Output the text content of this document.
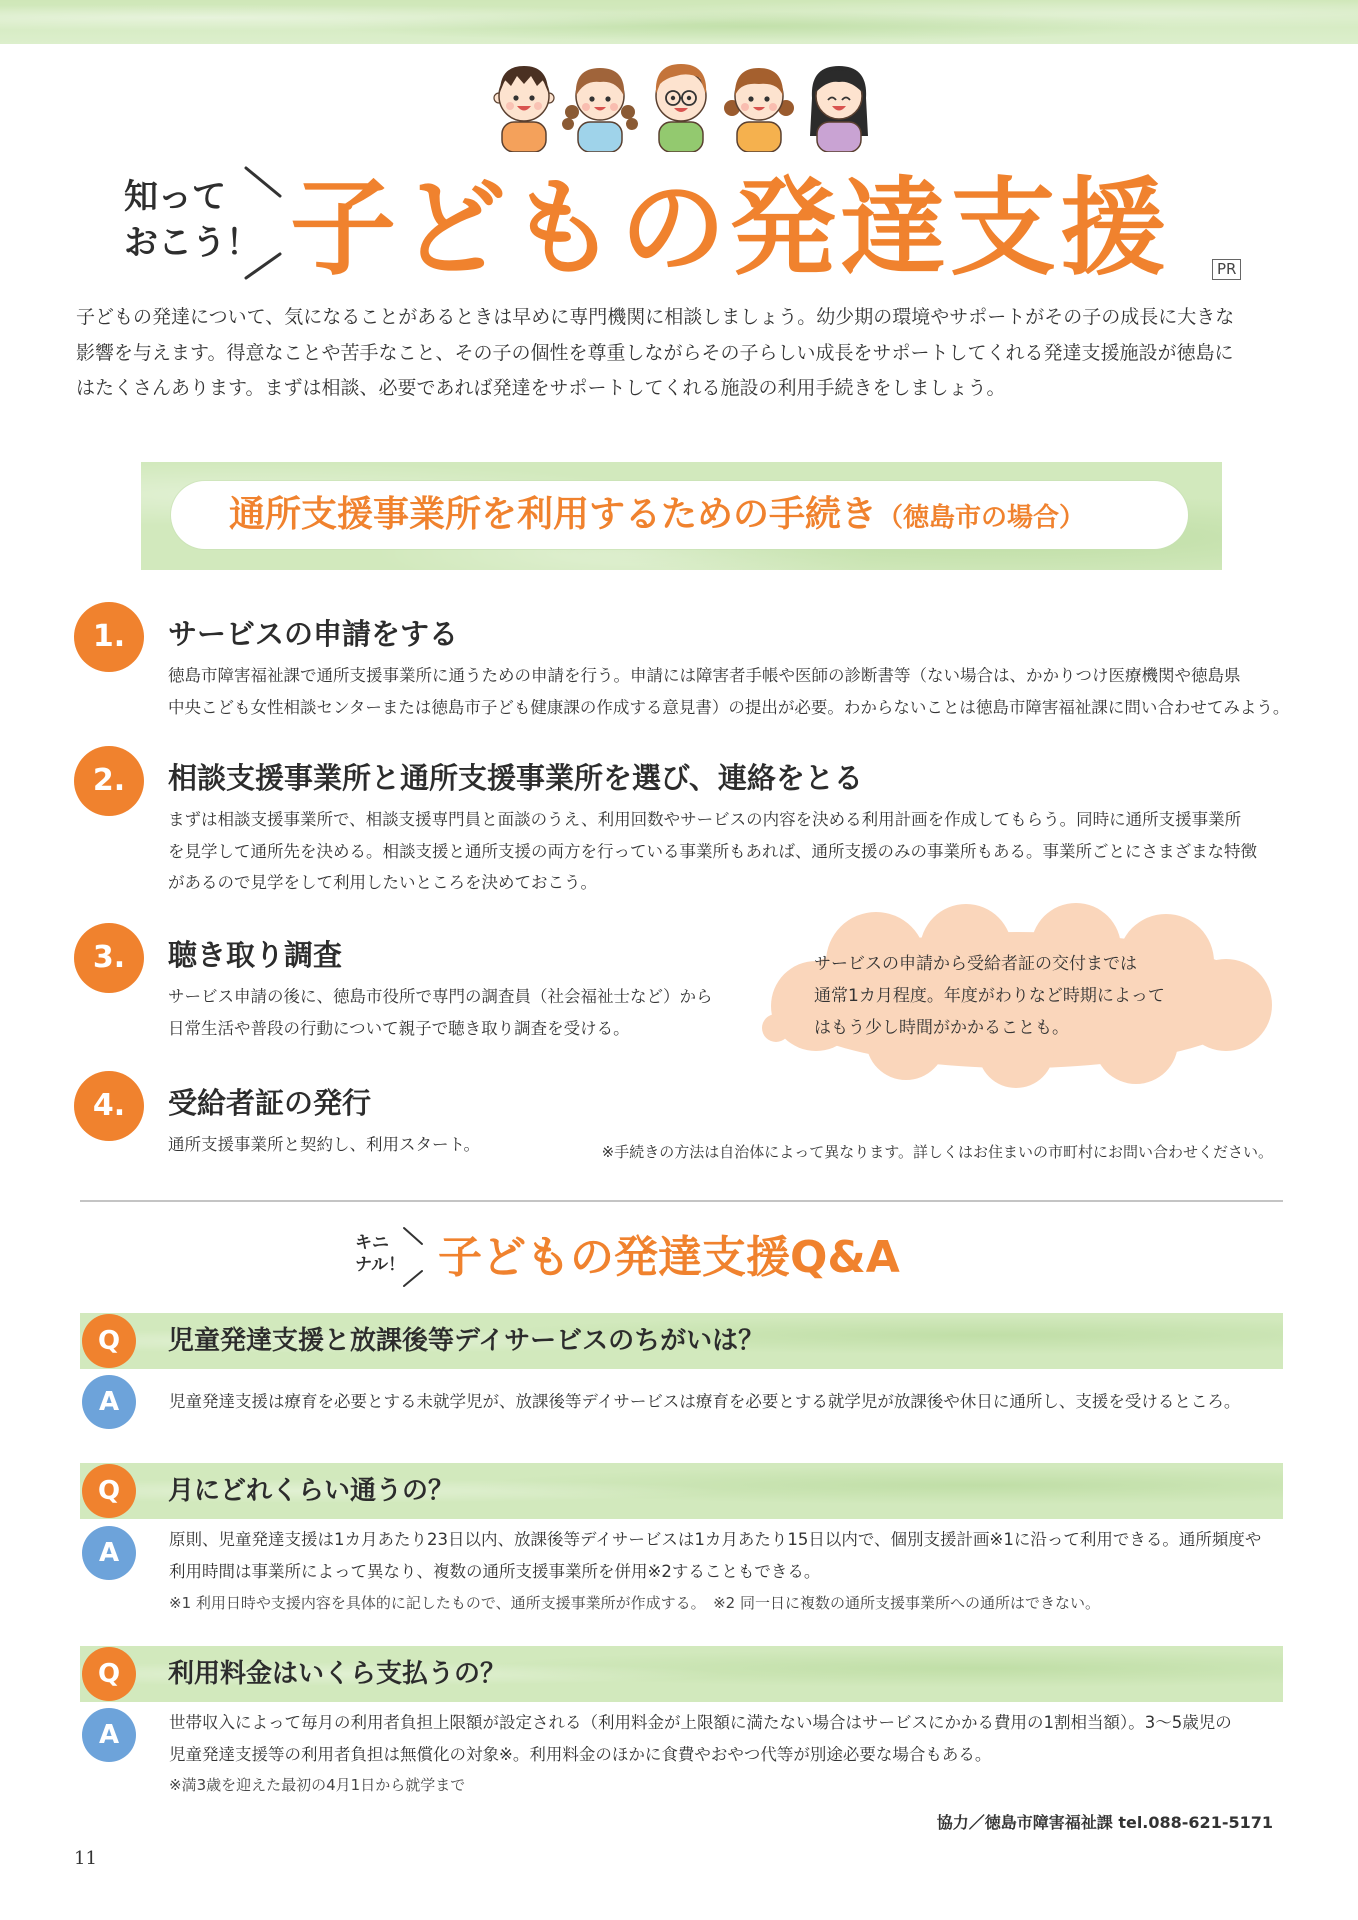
知って
おこう！ 子どもの発達支援	PR
子どもの発達について、気になることがあるときは早めに専門機関に相談しましょう。幼少期の環境やサポートがその子の成長に大きな
影響を与えます。得意なことや苦手なこと、その子の個性を尊重しながらその子らしい成長をサポートしてくれる発達支援施設が徳島に
はたくさんあります。まずは相談、必要であれば発達をサポートしてくれる施設の利用手続きをしましょう。
通所支援事業所を利用するための手続き（徳島市の場合）
1.	サービスの申請をする
徳島市障害福祉課で通所支援事業所に通うための申請を行う。申請には障害者手帳や医師の診断書等（ない場合は、かかりつけ医療機関や徳島県
中央こども女性相談センターまたは徳島市子ども健康課の作成する意見書）の提出が必要。わからないことは徳島市障害福祉課に問い合わせてみよう。
2.	相談支援事業所と通所支援事業所を選び、連絡をとる
まずは相談支援事業所で、相談支援専門員と面談のうえ、利用回数やサービスの内容を決める利用計画を作成してもらう。同時に通所支援事業所
を見学して通所先を決める。相談支援と通所支援の両方を行っている事業所もあれば、通所支援のみの事業所もある。事業所ごとにさまざまな特徴
があるので見学をして利用したいところを決めておこう。
サービスの申請から受給者証の交付までは
通常1カ月程度。年度がわりなど時期によって
はもう少し時間がかかることも。
3.	聴き取り調査
サービス申請の後に、徳島市役所で専門の調査員（社会福祉士など）から
日常生活や普段の行動について親子で聴き取り調査を受ける。
4.	受給者証の発行
通所支援事業所と契約し、利用スタート。	※手続きの方法は自治体によって異なります。詳しくはお住まいの市町村にお問い合わせください。
キニ
ナル！ 子どもの発達支援Q&A
Q	児童発達支援と放課後等デイサービスのちがいは？
A	児童発達支援は療育を必要とする未就学児が、放課後等デイサービスは療育を必要とする就学児が放課後や休日に通所し、支援を受けるところ。
Q	月にどれくらい通うの？
A	原則、児童発達支援は1カ月あたり23日以内、放課後等デイサービスは1カ月あたり15日以内で、個別支援計画※1に沿って利用できる。通所頻度や
利用時間は事業所によって異なり、複数の通所支援事業所を併用※2することもできる。
※1 利用日時や支援内容を具体的に記したもので、通所支援事業所が作成する。　※2 同一日に複数の通所支援事業所への通所はできない。
Q	利用料金はいくら支払うの？
A	世帯収入によって毎月の利用者負担上限額が設定される（利用料金が上限額に満たない場合はサービスにかかる費用の1割相当額）。3～5歳児の
児童発達支援等の利用者負担は無償化の対象※。利用料金のほかに食費やおやつ代等が別途必要な場合もある。
※満3歳を迎えた最初の4月1日から就学まで
協力／徳島市障害福祉課 tel.088-621-5171
11
